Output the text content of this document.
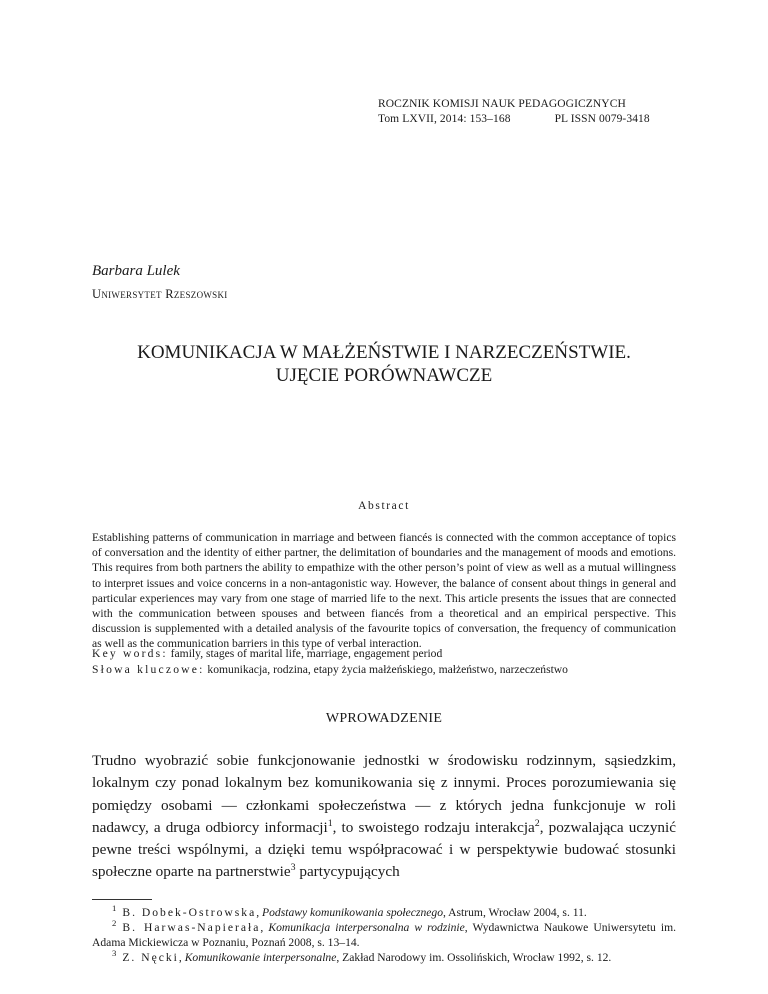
ROCZNIK KOMISJI NAUK PEDAGOGICZNYCH
Tom LXVII, 2014: 153–168	PL ISSN 0079-3418
Barbara Lulek
Uniwersytet Rzeszowski
KOMUNIKACJA W MAŁŻEŃSTWIE I NARZECZEŃSTWIE.
UJĘCIE PORÓWNAWCZE
Abstract
Establishing patterns of communication in marriage and between fiancés is connected with the common acceptance of topics of conversation and the identity of either partner, the delimitation of boundaries and the management of moods and emotions. This requires from both partners the ability to empathize with the other person’s point of view as well as a mutual willingness to interpret issues and voice concerns in a non-antagonistic way. However, the balance of consent about things in general and particular experiences may vary from one stage of married life to the next. This article presents the issues that are connected with the communication between spouses and between fiancés from a theoretical and an empirical perspective. This discussion is supplemented with a detailed analysis of the favourite topics of conversation, the frequency of communication as well as the communication barriers in this type of verbal interaction.
Key words: family, stages of marital life, marriage, engagement period
Słowa kluczowe: komunikacja, rodzina, etapy życia małżeńskiego, małżeństwo, narzeczeństwo
WPROWADZENIE

Trudno wyobrazić sobie funkcjonowanie jednostki w środowisku rodzinnym, sąsiedzkim, lokalnym czy ponad lokalnym bez komunikowania się z innymi. Proces porozumiewania się pomiędzy osobami — członkami społeczeństwa — z których jedna funkcjonuje w roli nadawcy, a druga odbiorcy informacji$^1$, to swoistego rodzaju interakcja$^2$, pozwalająca uczynić pewne treści wspólnymi, a dzięki temu współpracować i w perspektywie budować stosunki społeczne oparte na partnerstwie$^3$ partycypujących

$^1$ B. Dobek-Ostrowska, Podstawy komunikowania społecznego, Astrum, Wrocław 2004, s. 11.

$^2$ B. Harwas-Napierała, Komunikacja interpersonalna w rodzinie, Wydawnictwa Naukowe Uniwersytetu im. Adama Mickiewicza w Poznaniu, Poznań 2008, s. 13–14.

$^3$ Z. Nęcki, Komunikowanie interpersonalne, Zakład Narodowy im. Ossolińskich, Wrocław 1992, s. 12.
